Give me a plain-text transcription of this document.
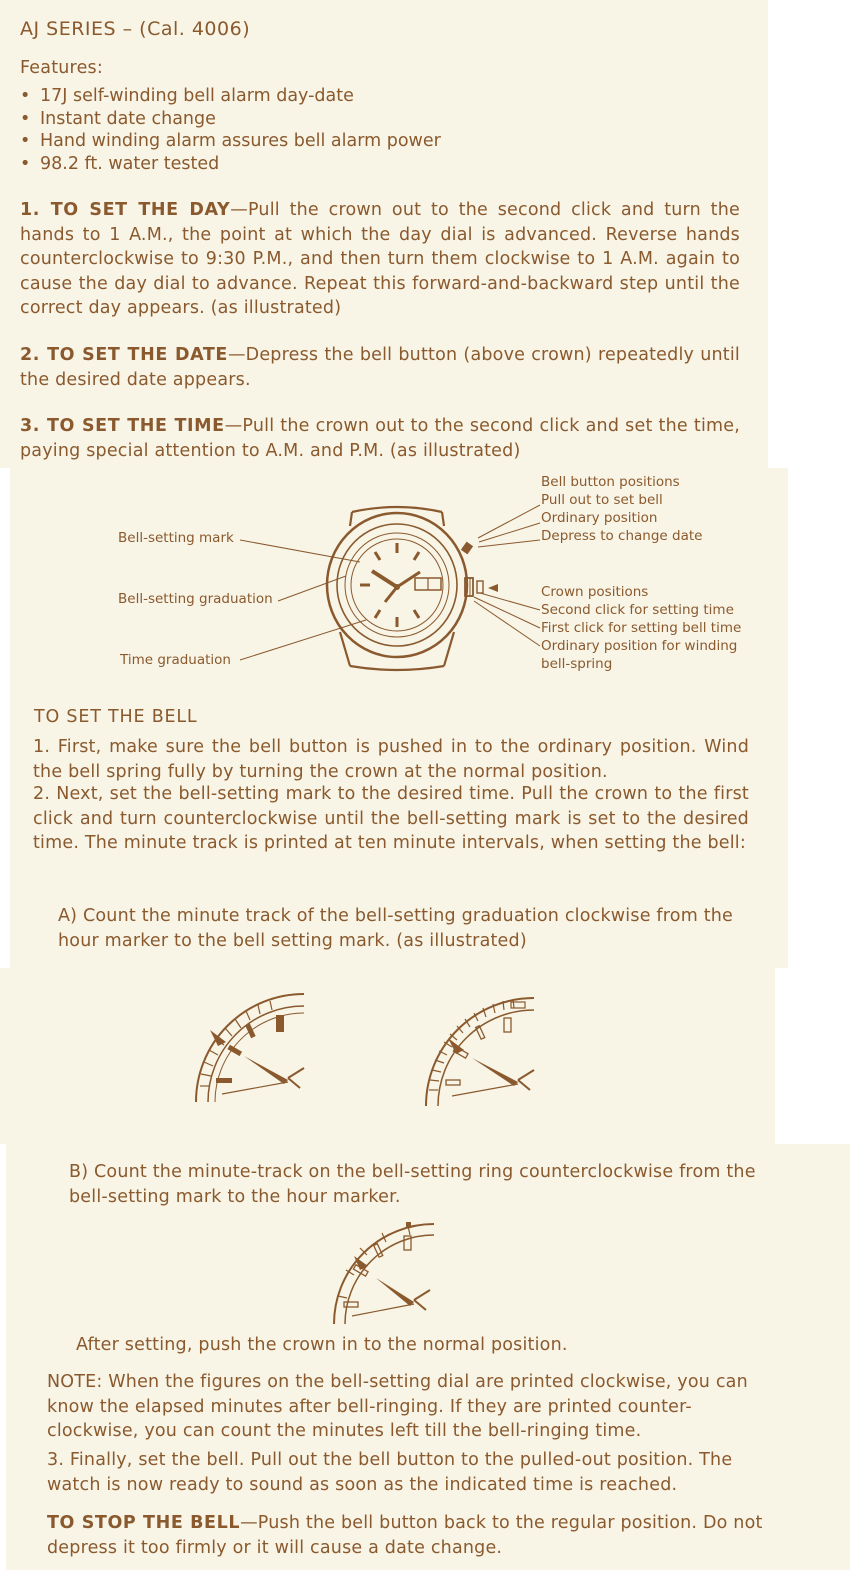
AJ SERIES – (Cal. 4006)
Features:
• 17J self-winding bell alarm day-date
• Instant date change
• Hand winding alarm assures bell alarm power
• 98.2 ft. water tested

1. TO SET THE DAY—Pull the crown out to the second click and turn the hands to 1 A.M., the point at which the day dial is advanced. Reverse hands counterclockwise to 9:30 P.M., and then turn them clockwise to 1 A.M. again to cause the day dial to advance. Repeat this forward-and-backward step until the correct day appears. (as illustrated)

2. TO SET THE DATE—Depress the bell button (above crown) repeatedly until the desired date appears.

3. TO SET THE TIME—Pull the crown out to the second click and set the time, paying special attention to A.M. and P.M. (as illustrated)

Bell-setting mark
Bell-setting graduation
Time graduation
Bell button positions
Pull out to set bell
Ordinary position
Depress to change date
Crown positions
Second click for setting time
First click for setting bell time
Ordinary position for winding
bell-spring
TO SET THE BELL

1. First, make sure the bell button is pushed in to the ordinary position. Wind the bell spring fully by turning the crown at the normal position.

2. Next, set the bell-setting mark to the desired time. Pull the crown to the first click and turn counterclockwise until the bell-setting mark is set to the desired time. The minute track is printed at ten minute intervals, when setting the bell:

A) Count the minute track of the bell-setting graduation clockwise from the hour marker to the bell setting mark. (as illustrated)

B) Count the minute-track on the bell-setting ring counterclockwise from the bell-setting mark to the hour marker.

After setting, push the crown in to the normal position.

NOTE: When the figures on the bell-setting dial are printed clockwise, you can know the elapsed minutes after bell-ringing. If they are printed counter-clockwise, you can count the minutes left till the bell-ringing time.

3. Finally, set the bell. Pull out the bell button to the pulled-out position. The watch is now ready to sound as soon as the indicated time is reached.

TO STOP THE BELL—Push the bell button back to the regular position. Do not depress it too firmly or it will cause a date change.
